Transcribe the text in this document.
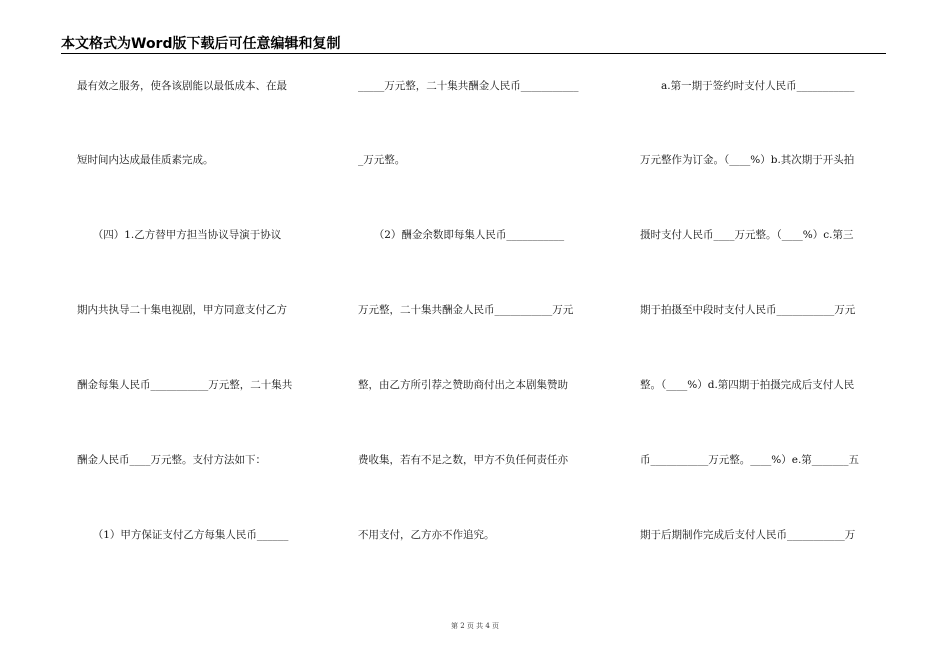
本文格式为Word版下载后可任意编辑和复制
最有效之服务，使各该剧能以最低成本、在最
短时间内达成最佳质素完成。
　　（四）1.乙方替甲方担当协议导演于协议
期内共执导二十集电视剧，甲方同意支付乙方
酬金每集人民币___________万元整，二十集共
酬金人民币____万元整。支付方法如下：
　　（1）甲方保证支付乙方每集人民币______
_____万元整，二十集共酬金人民币___________
_万元整。
　　（2）酬金余数即每集人民币___________
万元整，二十集共酬金人民币___________万元
整，由乙方所引荐之赞助商付出之本剧集赞助
费收集，若有不足之数，甲方不负任何责任亦
不用支付，乙方亦不作追究。
　　a.第一期于签约时支付人民币___________
万元整作为订金。（____%）b.其次期于开头拍
摄时支付人民币____万元整。（____%）c.第三
期于拍摄至中段时支付人民币___________万元
整。（____%）d.第四期于拍摄完成后支付人民
币___________万元整。____%）e.第_______五
期于后期制作完成后支付人民币___________万
第 2 页 共 4 页
